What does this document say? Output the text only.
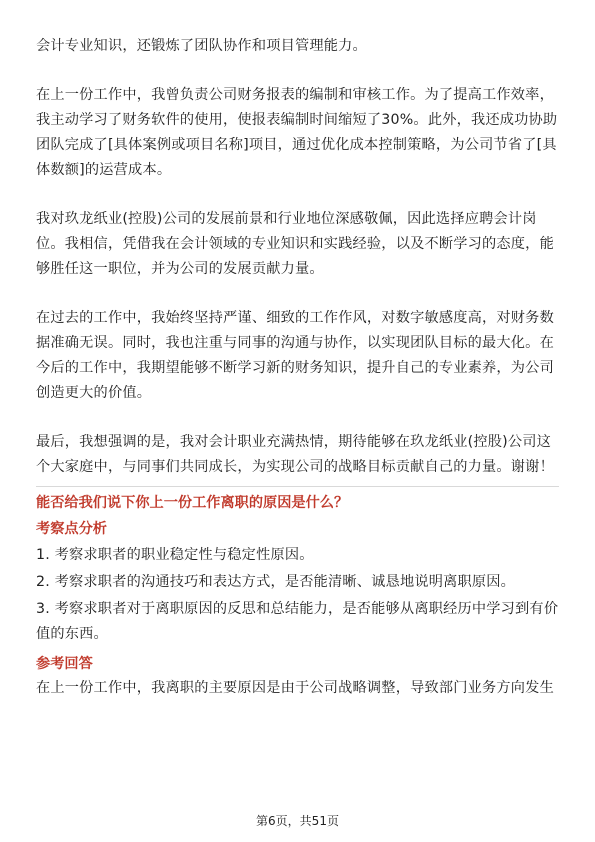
会计专业知识，还锻炼了团队协作和项目管理能力。

在上一份工作中，我曾负责公司财务报表的编制和审核工作。为了提高工作效率，我主动学习了财务软件的使用，使报表编制时间缩短了30%。此外，我还成功协助团队完成了[具体案例或项目名称]项目，通过优化成本控制策略，为公司节省了[具体数额]的运营成本。

我对玖龙纸业(控股)公司的发展前景和行业地位深感敬佩，因此选择应聘会计岗位。我相信，凭借我在会计领域的专业知识和实践经验，以及不断学习的态度，能够胜任这一职位，并为公司的发展贡献力量。

在过去的工作中，我始终坚持严谨、细致的工作作风，对数字敏感度高，对财务数据准确无误。同时，我也注重与同事的沟通与协作，以实现团队目标的最大化。在今后的工作中，我期望能够不断学习新的财务知识，提升自己的专业素养，为公司创造更大的价值。

最后，我想强调的是，我对会计职业充满热情，期待能够在玖龙纸业(控股)公司这个大家庭中，与同事们共同成长，为实现公司的战略目标贡献自己的力量。谢谢！

能否给我们说下你上一份工作离职的原因是什么？

考察点分析

1. 考察求职者的职业稳定性与稳定性原因。

2. 考察求职者的沟通技巧和表达方式，是否能清晰、诚恳地说明离职原因。

3. 考察求职者对于离职原因的反思和总结能力，是否能够从离职经历中学习到有价值的东西。

参考回答

在上一份工作中，我离职的主要原因是由于公司战略调整，导致部门业务方向发生

第6页，共51页
